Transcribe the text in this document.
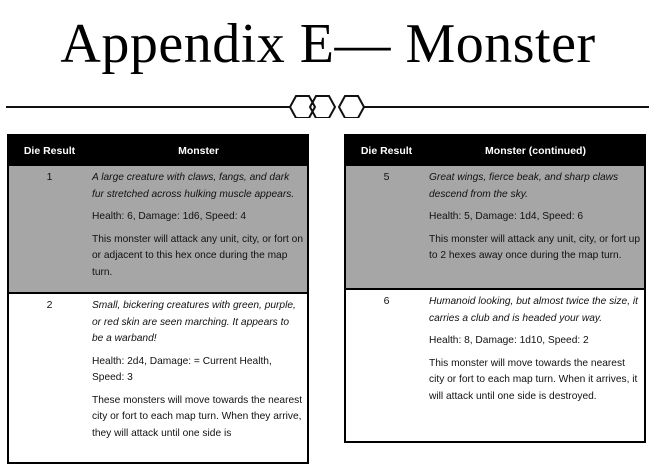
Appendix E— Monster
Die Result	Monster
1	A large creature with claws, fangs, and dark fur stretched across hulking muscle appears.

Health: 6, Damage: 1d6, Speed: 4

This monster will attack any unit, city, or fort on or adjacent to this hex once during the map turn.

2	Small, bickering creatures with green, purple, or red skin are seen marching. It appears to be a warband!

Health: 2d4, Damage: = Current Health, Speed: 3

These monsters will move towards the nearest city or fort to each map turn. When they arrive, they will attack until one side is

Die Result	Monster (continued)
5	Great wings, fierce beak, and sharp claws descend from the sky.

Health: 5, Damage: 1d4, Speed: 6

This monster will attack any unit, city, or fort up to 2 hexes away once during the map turn.

6	Humanoid looking, but almost twice the size, it carries a club and is headed your way.

Health: 8, Damage: 1d10, Speed: 2

This monster will move towards the nearest city or fort to each map turn. When it arrives, it will attack until one side is destroyed.
